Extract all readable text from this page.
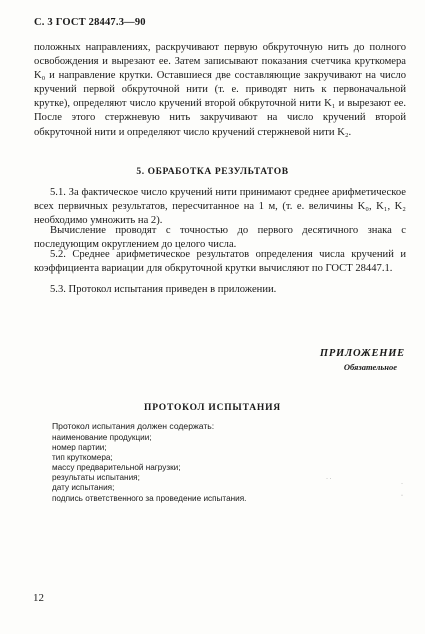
С. 3 ГОСТ 28447.3—90
положных направлениях, раскручивают первую обкруточную нить до полного освобождения и вырезают ее. Затем записывают показания счетчика круткомера K₀ и направление крутки. Оставшиеся две составляющие закручивают на число кручений первой обкруточной нити (т. е. приводят нить к первоначальной крутке), определяют число кручений второй обкруточной нити K₁ и вырезают ее. После этого стержневую нить закручивают на число кручений второй обкруточной нити и определяют число кручений стержневой нити K₂.
5. ОБРАБОТКА РЕЗУЛЬТАТОВ

5.1. За фактическое число кручений нити принимают среднее арифметическое всех первичных результатов, пересчитанное на 1 м, (т. е. величины K₀, K₁, K₂ необходимо умножить на 2).

Вычисление проводят с точностью до первого десятичного знака с последующим округлением до целого числа.

5.2. Среднее арифметическое результатов определения числа кручений и коэффициента вариации для обкруточной крутки вычисляют по ГОСТ 28447.1.

5.3. Протокол испытания приведен в приложении.

ПРИЛОЖЕНИЕ
Обязательное
ПРОТОКОЛ ИСПЫТАНИЯ
Протокол испытания должен содержать:
наименование продукции;
номер партии;
тип круткомера;
массу предварительной нагрузки;
результаты испытания;
дату испытания;
подпись ответственного за проведение испытания.
˙ ˙
˙
·
12
